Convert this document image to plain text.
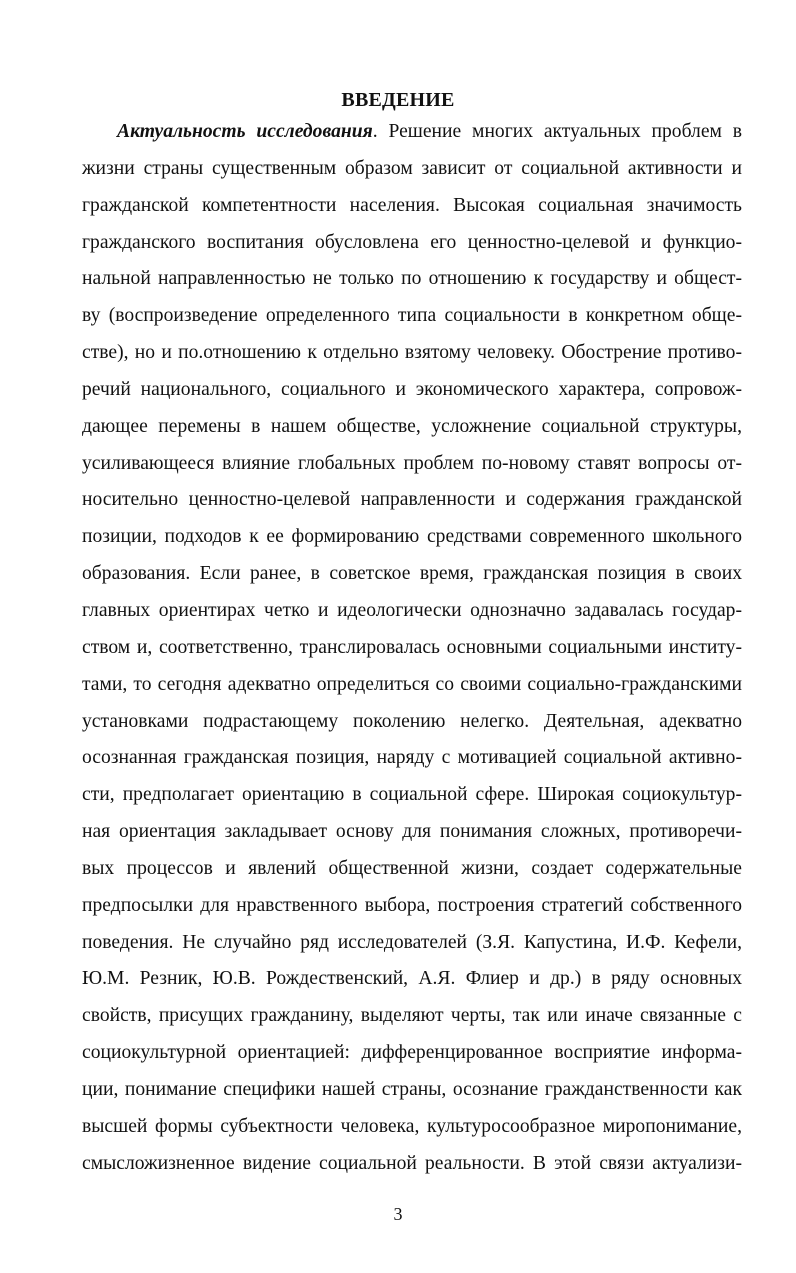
ВВЕДЕНИЕ
Актуальность исследования. Решение многих актуальных проблем в
жизни страны существенным образом зависит от социальной активности и
гражданской компетентности населения. Высокая социальная значимость
гражданского воспитания обусловлена его ценностно-целевой и функцио-
нальной направленностью не только по отношению к государству и общест-
ву (воспроизведение определенного типа социальности в конкретном обще-
стве), но и по.отношению к отдельно взятому человеку. Обострение противо-
речий национального, социального и экономического характера, сопровож-
дающее перемены в нашем обществе, усложнение социальной структуры,
усиливающееся влияние глобальных проблем по-новому ставят вопросы от-
носительно ценностно-целевой направленности и содержания гражданской
позиции, подходов к ее формированию средствами современного школьного
образования. Если ранее, в советское время, гражданская позиция в своих
главных ориентирах четко и идеологически однозначно задавалась государ-
ством и, соответственно, транслировалась основными социальными институ-
тами, то сегодня адекватно определиться со своими социально-гражданскими
установками подрастающему поколению нелегко. Деятельная, адекватно
осознанная гражданская позиция, наряду с мотивацией социальной активно-
сти, предполагает ориентацию в социальной сфере. Широкая социокультур-
ная ориентация закладывает основу для понимания сложных, противоречи-
вых процессов и явлений общественной жизни, создает содержательные
предпосылки для нравственного выбора, построения стратегий собственного
поведения. Не случайно ряд исследователей (З.Я. Капустина, И.Ф. Кефели,
Ю.М. Резник, Ю.В. Рождественский, А.Я. Флиер и др.) в ряду основных
свойств, присущих гражданину, выделяют черты, так или иначе связанные с
социокультурной ориентацией: дифференцированное восприятие информа-
ции, понимание специфики нашей страны, осознание гражданственности как
высшей формы субъектности человека, культуросообразное миропонимание,
смысложизненное видение социальной реальности. В этой связи актуализи-
3
